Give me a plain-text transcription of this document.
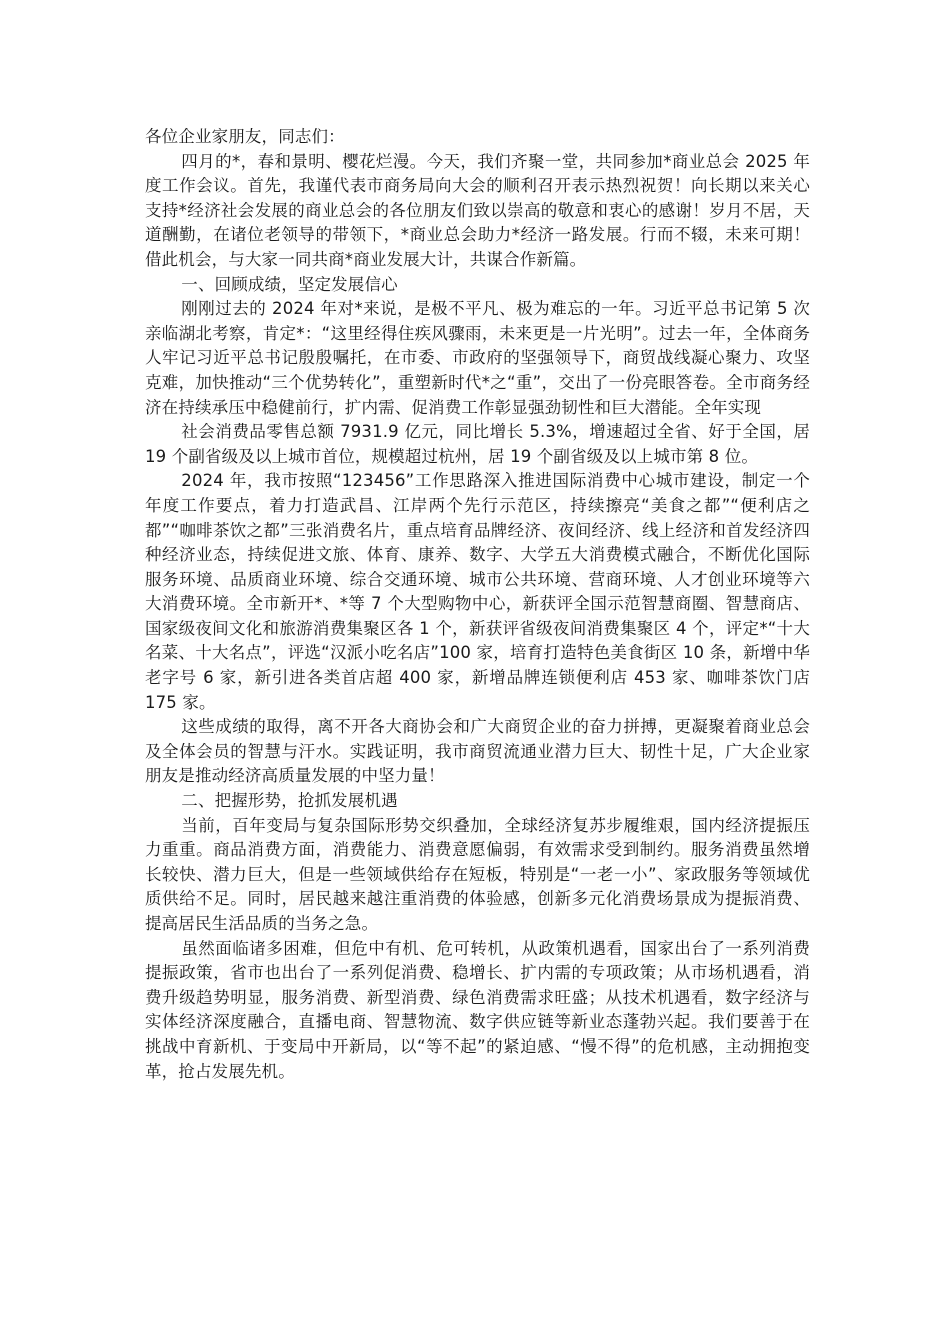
各位企业家朋友，同志们：

四月的*，春和景明、樱花烂漫。今天，我们齐聚一堂，共同参加*商业总会 2025 年度工作会议。首先，我谨代表市商务局向大会的顺利召开表示热烈祝贺！向长期以来关心支持*经济社会发展的商业总会的各位朋友们致以崇高的敬意和衷心的感谢！岁月不居，天道酬勤，在诸位老领导的带领下，*商业总会助力*经济一路发展。行而不辍，未来可期！借此机会，与大家一同共商*商业发展大计，共谋合作新篇。

一、回顾成绩，坚定发展信心

刚刚过去的 2024 年对*来说，是极不平凡、极为难忘的一年。习近平总书记第 5 次亲临湖北考察，肯定*：“这里经得住疾风骤雨，未来更是一片光明”。过去一年，全体商务人牢记习近平总书记殷殷嘱托，在市委、市政府的坚强领导下，商贸战线凝心聚力、攻坚克难，加快推动“三个优势转化”，重塑新时代*之“重”，交出了一份亮眼答卷。全市商务经济在持续承压中稳健前行，扩内需、促消费工作彰显强劲韧性和巨大潜能。全年实现

社会消费品零售总额 7931.9 亿元，同比增长 5.3%，增速超过全省、好于全国，居 19 个副省级及以上城市首位，规模超过杭州，居 19 个副省级及以上城市第 8 位。

2024 年，我市按照“123456”工作思路深入推进国际消费中心城市建设，制定一个年度工作要点，着力打造武昌、江岸两个先行示范区，持续擦亮“美食之都”“便利店之都”“咖啡茶饮之都”三张消费名片，重点培育品牌经济、夜间经济、线上经济和首发经济四种经济业态，持续促进文旅、体育、康养、数字、大学五大消费模式融合，不断优化国际服务环境、品质商业环境、综合交通环境、城市公共环境、营商环境、人才创业环境等六大消费环境。全市新开*、*等 7 个大型购物中心，新获评全国示范智慧商圈、智慧商店、国家级夜间文化和旅游消费集聚区各 1 个，新获评省级夜间消费集聚区 4 个，评定*“十大名菜、十大名点”，评选“汉派小吃名店”100 家，培育打造特色美食街区 10 条，新增中华老字号 6 家，新引进各类首店超 400 家，新增品牌连锁便利店 453 家、咖啡茶饮门店 175 家。

这些成绩的取得，离不开各大商协会和广大商贸企业的奋力拼搏，更凝聚着商业总会及全体会员的智慧与汗水。实践证明，我市商贸流通业潜力巨大、韧性十足，广大企业家朋友是推动经济高质量发展的中坚力量！

二、把握形势，抢抓发展机遇

当前，百年变局与复杂国际形势交织叠加，全球经济复苏步履维艰，国内经济提振压力重重。商品消费方面，消费能力、消费意愿偏弱，有效需求受到制约。服务消费虽然增长较快、潜力巨大，但是一些领域供给存在短板，特别是“一老一小”、家政服务等领域优质供给不足。同时，居民越来越注重消费的体验感，创新多元化消费场景成为提振消费、提高居民生活品质的当务之急。

虽然面临诸多困难，但危中有机、危可转机，从政策机遇看，国家出台了一系列消费提振政策，省市也出台了一系列促消费、稳增长、扩内需的专项政策；从市场机遇看，消费升级趋势明显，服务消费、新型消费、绿色消费需求旺盛；从技术机遇看，数字经济与实体经济深度融合，直播电商、智慧物流、数字供应链等新业态蓬勃兴起。我们要善于在挑战中育新机、于变局中开新局，以“等不起”的紧迫感、“慢不得”的危机感，主动拥抱变革，抢占发展先机。
